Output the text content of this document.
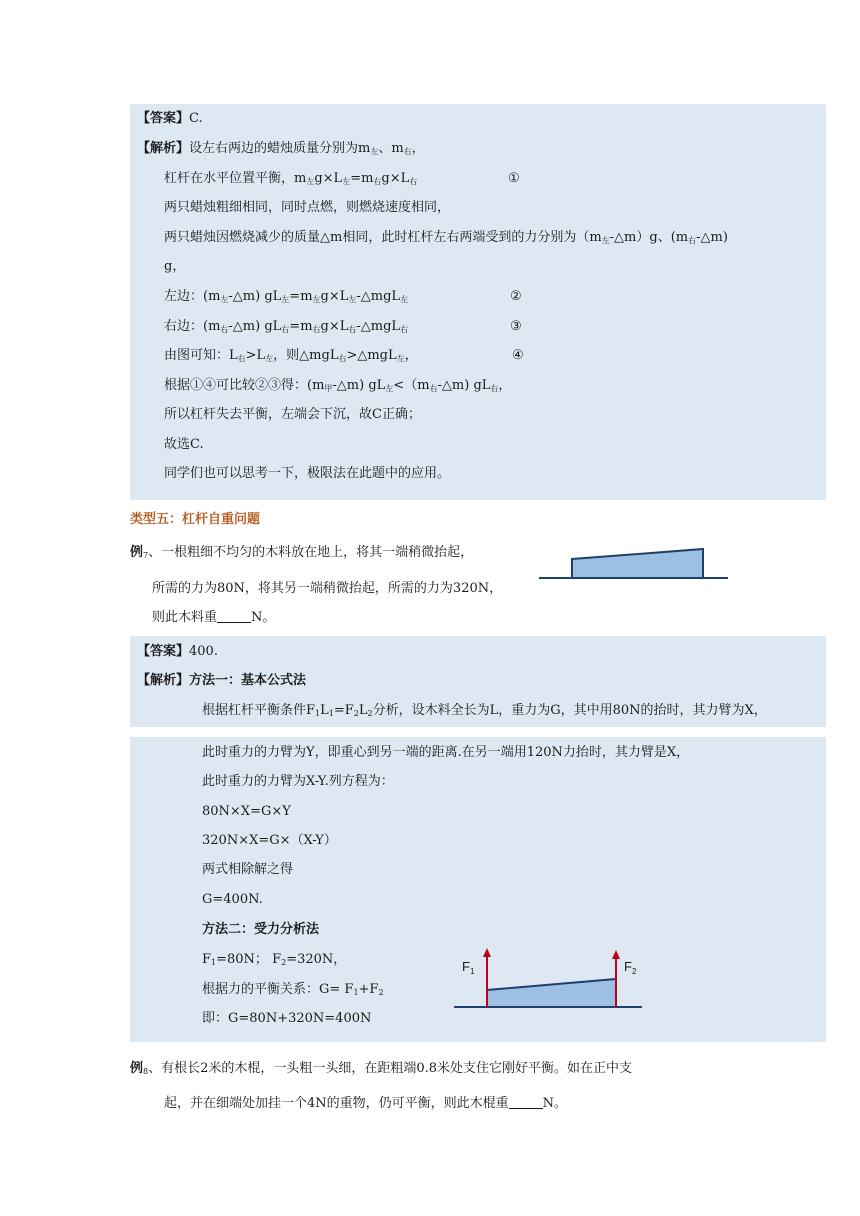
【答案】C.
【解析】设左右两边的蜡烛质量分别为$m_左$、$m_右$，
杠杆在水平位置平衡，$m_左g\times L_左=m_右g\times L_右$	①
两只蜡烛粗细相同，同时点燃，则燃烧速度相同，
两只蜡烛因燃烧减少的质量△m相同，此时杠杆左右两端受到的力分别为$(m_左-\triangle m)g$、$(m_右-\triangle m)$
g，
左边：$(m_左-\triangle m)$ $gL_左=m_左g\times L_左-\triangle mgL_左$	②
右边：$(m_右-\triangle m)$ $gL_右=m_右g\times L_右-\triangle mgL_右$	③
由图可知：$L_右>L_左$，则△mgL$_右$>△mgL$_左$，	④
根据①④可比较②③得：$(m_甲-\triangle m)$ $gL_左<(m_右-\triangle m)$ $gL_右$，
所以杠杆失去平衡，左端会下沉，故C正确；
故选C.
同学们也可以思考一下，极限法在此题中的应用。
类型五：杠杆自重问题
例$_7$、一根粗细不均匀的木料放在地上，将其一端稍微抬起，
所需的力为80N，将其另一端稍微抬起，所需的力为320N，
则此木料重	N。
【答案】400.
【解析】方法一：基本公式法
根据杠杆平衡条件$F_1L_1=F_2L_2$分析，设木料全长为L，重力为G，其中用80N的抬时，其力臂为X，
此时重力的力臂为Y，即重心到另一端的距离.在另一端用120N力抬时，其力臂是X，
此时重力的力臂为X-Y.列方程为：
80N×X=G×Y
320N×X=G×（X-Y）
两式相除解之得
G=400N.
方法二：受力分析法
$F_1=80N$； $F_2=320N$，
根据力的平衡关系：$G= F_1+F_2$
即：G=80N+320N=400N
$F_1$	$F_2$
例$_8$、有根长2米的木棍，一头粗一头细，在距粗端0.8米处支住它刚好平衡。如在正中支
起，并在细端处加挂一个4N的重物，仍可平衡，则此木棍重	N。
